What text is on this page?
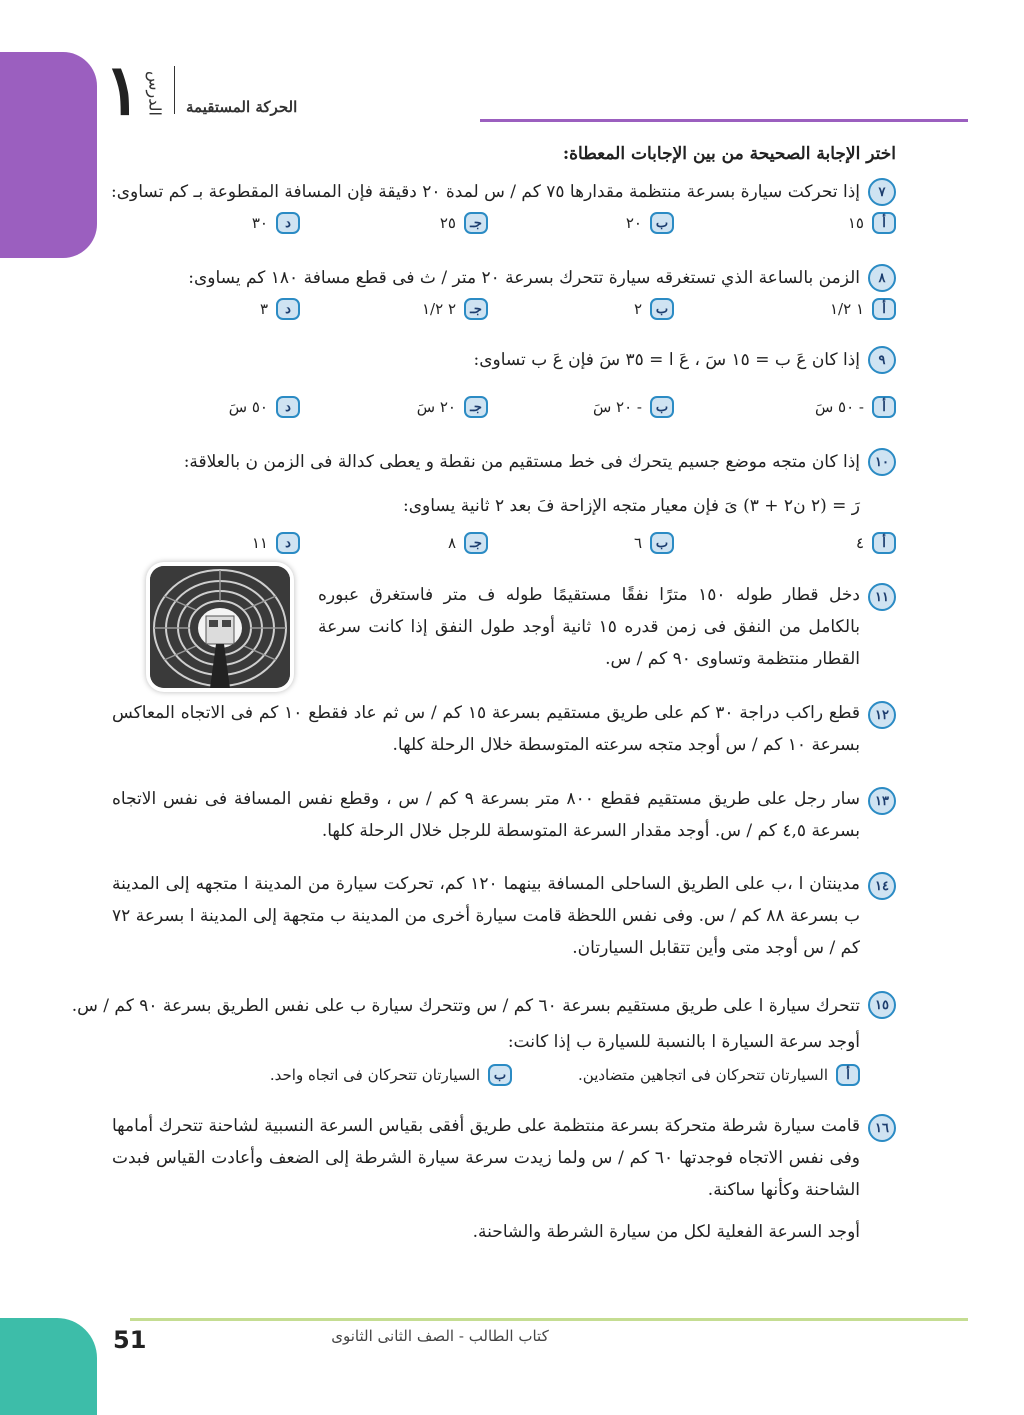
١ الدرس	الحركة المستقيمة
اختر الإجابة الصحيحة من بين الإجابات المعطاة:
٧
إذا تحركت سيارة بسرعة منتظمة مقدارها ٧٥ كم / س لمدة ٢٠ دقيقة فإن المسافة المقطوعة بـ كم تساوى:
أ
١٥
ب
٢٠
جـ
٢٥
د
٣٠
٨
الزمن بالساعة الذي تستغرقه سيارة تتحرك بسرعة ٢٠ متر / ث فى قطع مسافة ١٨٠ كم يساوى:
أ
١ ١/٢
ب
٢
جـ
٢ ١/٢
د
٣
٩
إذا كان عَ ب = ١٥ سَ ، عَ ا = ٣٥ سَ فإن عَ ب تساوى:
أ
- ٥٠ سَ
ب
- ٢٠ سَ
جـ
٢٠ سَ
د
٥٠ سَ
١٠
إذا كان متجه موضع جسيم يتحرك فى خط مستقيم من نقطة و يعطى كدالة فى الزمن ن بالعلاقة:
رَ = (٢ ن٢ + ٣) ىَ فإن معيار متجه الإزاحة فَ بعد ٢ ثانية يساوى:
أ
٤
ب
٦
جـ
٨
د
١١
١١
دخل قطار طوله ١٥٠ مترًا نفقًا مستقيمًا طوله ف متر فاستغرق عبوره بالكامل من النفق فى زمن قدره ١٥ ثانية أوجد طول النفق إذا كانت سرعة القطار منتظمة وتساوى ٩٠ كم / س.
١٢
قطع راكب دراجة ٣٠ كم على طريق مستقيم بسرعة ١٥ كم / س ثم عاد فقطع ١٠ كم فى الاتجاه المعاكس بسرعة ١٠ كم / س أوجد متجه سرعته المتوسطة خلال الرحلة كلها.
١٣
سار رجل على طريق مستقيم فقطع ٨٠٠ متر بسرعة ٩ كم / س ، وقطع نفس المسافة فى نفس الاتجاه بسرعة ٤,٥ كم / س. أوجد مقدار السرعة المتوسطة للرجل خلال الرحلة كلها.
١٤
مدينتان ا ،ب على الطريق الساحلى المسافة بينهما ١٢٠ كم، تحركت سيارة من المدينة ا متجهه إلى المدينة ب بسرعة ٨٨ كم / س. وفى نفس اللحظة قامت سيارة أخرى من المدينة ب متجهة إلى المدينة ا بسرعة ٧٢ كم / س أوجد متى وأين تتقابل السيارتان.
١٥
تتحرك سيارة ا على طريق مستقيم بسرعة ٦٠ كم / س وتتحرك سيارة ب على نفس الطريق بسرعة ٩٠ كم / س.
أوجد سرعة السيارة ا بالنسبة للسيارة ب إذا كانت:
أ
السيارتان تتحركان فى اتجاهين متضادين.
ب
السيارتان تتحركان فى اتجاه واحد.
١٦
قامت سيارة شرطة متحركة بسرعة منتظمة على طريق أفقى بقياس السرعة النسبية لشاحنة تتحرك أمامها وفى نفس الاتجاه فوجدتها ٦٠ كم / س ولما زيدت سرعة سيارة الشرطة إلى الضعف وأعادت القياس فبدت الشاحنة وكأنها ساكنة.
أوجد السرعة الفعلية لكل من سيارة الشرطة والشاحنة.
51	كتاب الطالب - الصف الثانى الثانوى
